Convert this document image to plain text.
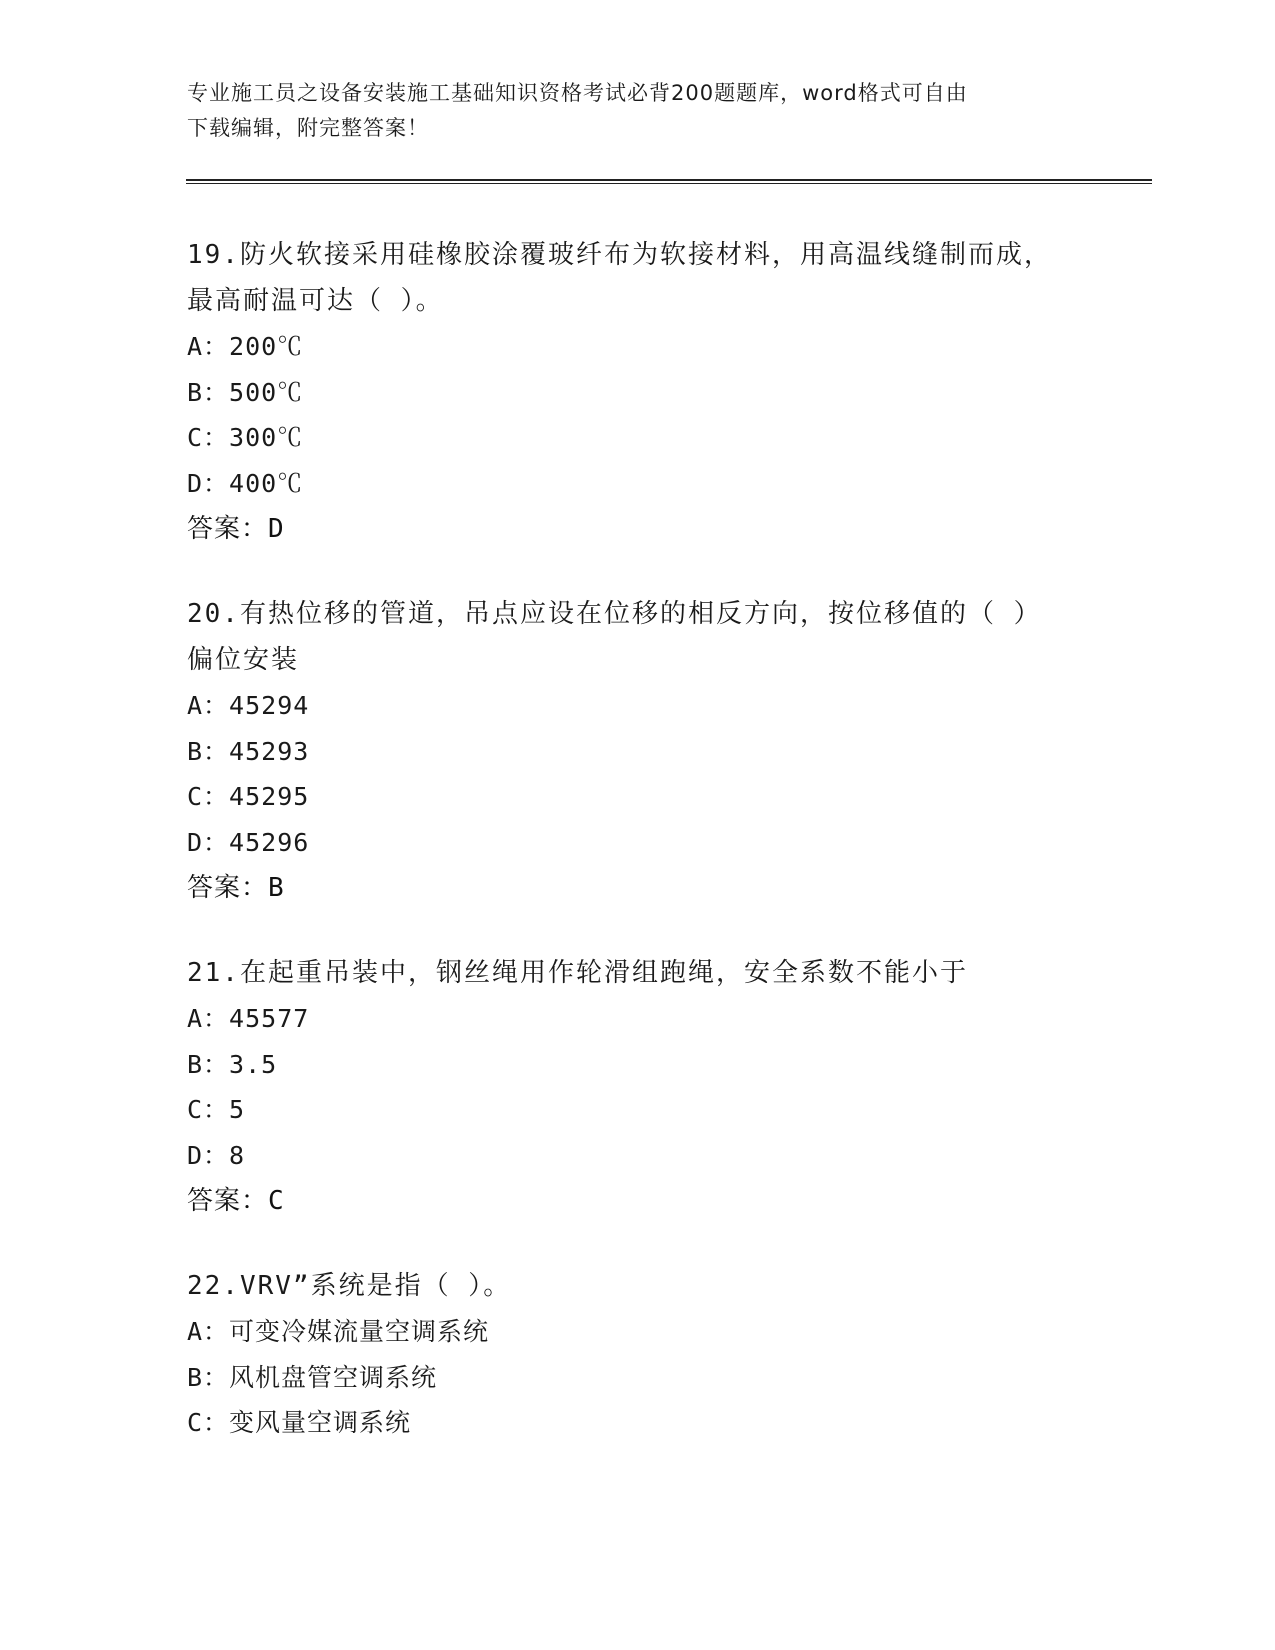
专业施工员之设备安装施工基础知识资格考试必背200题题库，word格式可自由
下载编辑，附完整答案！

19.防火软接采用硅橡胶涂覆玻纤布为软接材料，用高温线缝制而成，
最高耐温可达（ ）。

A：200℃

B：500℃

C：300℃

D：400℃

答案：D

20.有热位移的管道，吊点应设在位移的相反方向，按位移值的（ ）
偏位安装

A：45294

B：45293

C：45295

D：45296

答案：B

21.在起重吊装中，钢丝绳用作轮滑组跑绳，安全系数不能小于

A：45577

B：3.5

C：5

D：8

答案：C

22.VRV”系统是指（ ）。

A：可变冷媒流量空调系统

B：风机盘管空调系统

C：变风量空调系统
